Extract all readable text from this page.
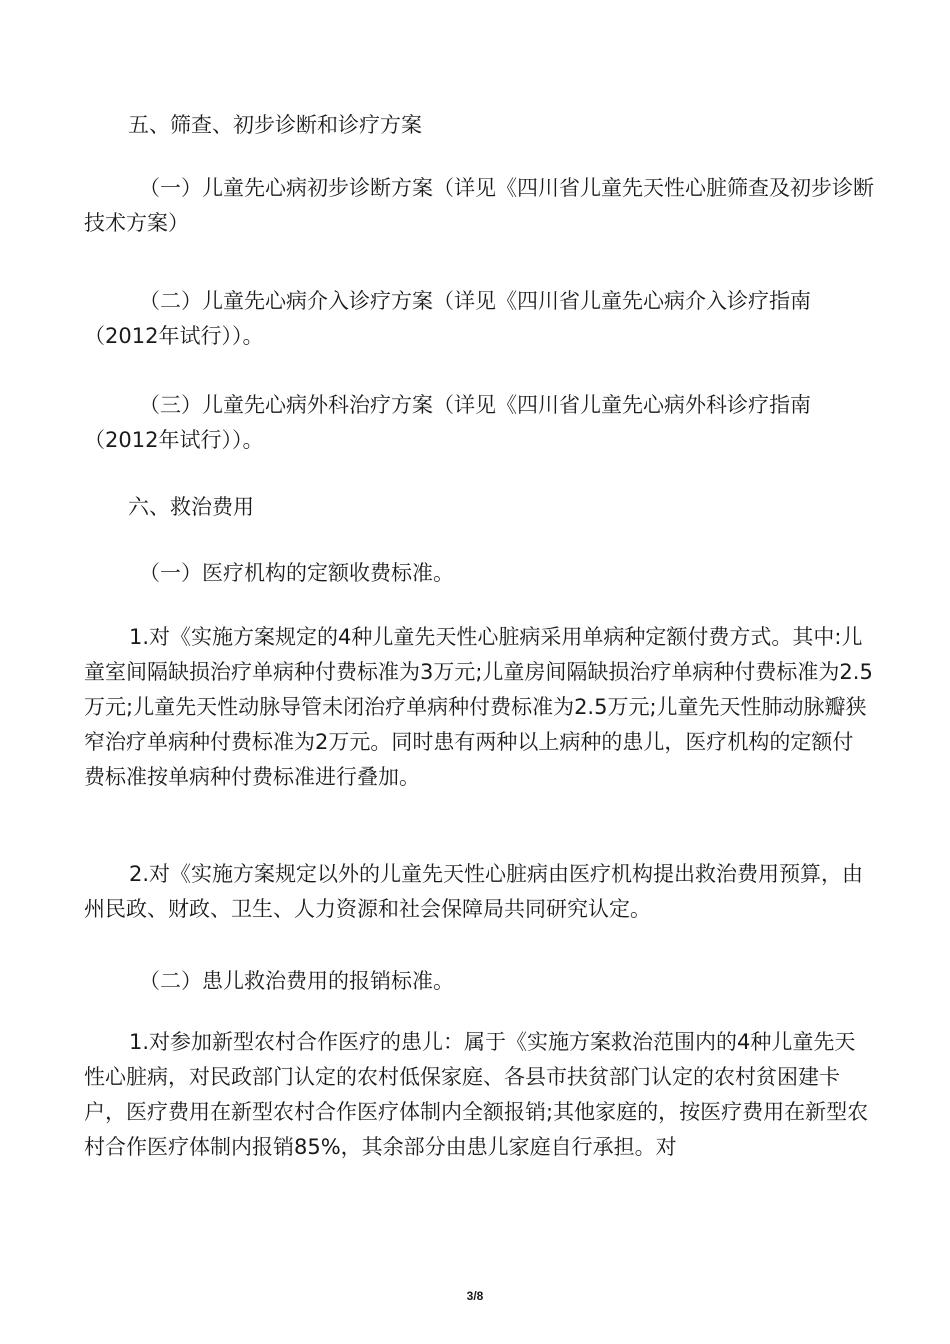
五、筛查、初步诊断和诊疗方案

（一）儿童先心病初步诊断方案（详见《四川省儿童先天性心脏筛查及初步诊断技术方案）

（二）儿童先心病介入诊疗方案（详见《四川省儿童先心病介入诊疗指南（2012年试行））。

（三）儿童先心病外科治疗方案（详见《四川省儿童先心病外科诊疗指南（2012年试行））。

六、救治费用

（一）医疗机构的定额收费标准。

1.对《实施方案规定的4种儿童先天性心脏病采用单病种定额付费方式。其中:儿童室间隔缺损治疗单病种付费标准为3万元;儿童房间隔缺损治疗单病种付费标准为2.5万元;儿童先天性动脉导管未闭治疗单病种付费标准为2.5万元;儿童先天性肺动脉瓣狭窄治疗单病种付费标准为2万元。同时患有两种以上病种的患儿，医疗机构的定额付费标准按单病种付费标准进行叠加。

2.对《实施方案规定以外的儿童先天性心脏病由医疗机构提出救治费用预算，由州民政、财政、卫生、人力资源和社会保障局共同研究认定。

（二）患儿救治费用的报销标准。

1.对参加新型农村合作医疗的患儿：属于《实施方案救治范围内的4种儿童先天性心脏病，对民政部门认定的农村低保家庭、各县市扶贫部门认定的农村贫困建卡户，医疗费用在新型农村合作医疗体制内全额报销;其他家庭的，按医疗费用在新型农村合作医疗体制内报销85%，其余部分由患儿家庭自行承担。对

3/8
